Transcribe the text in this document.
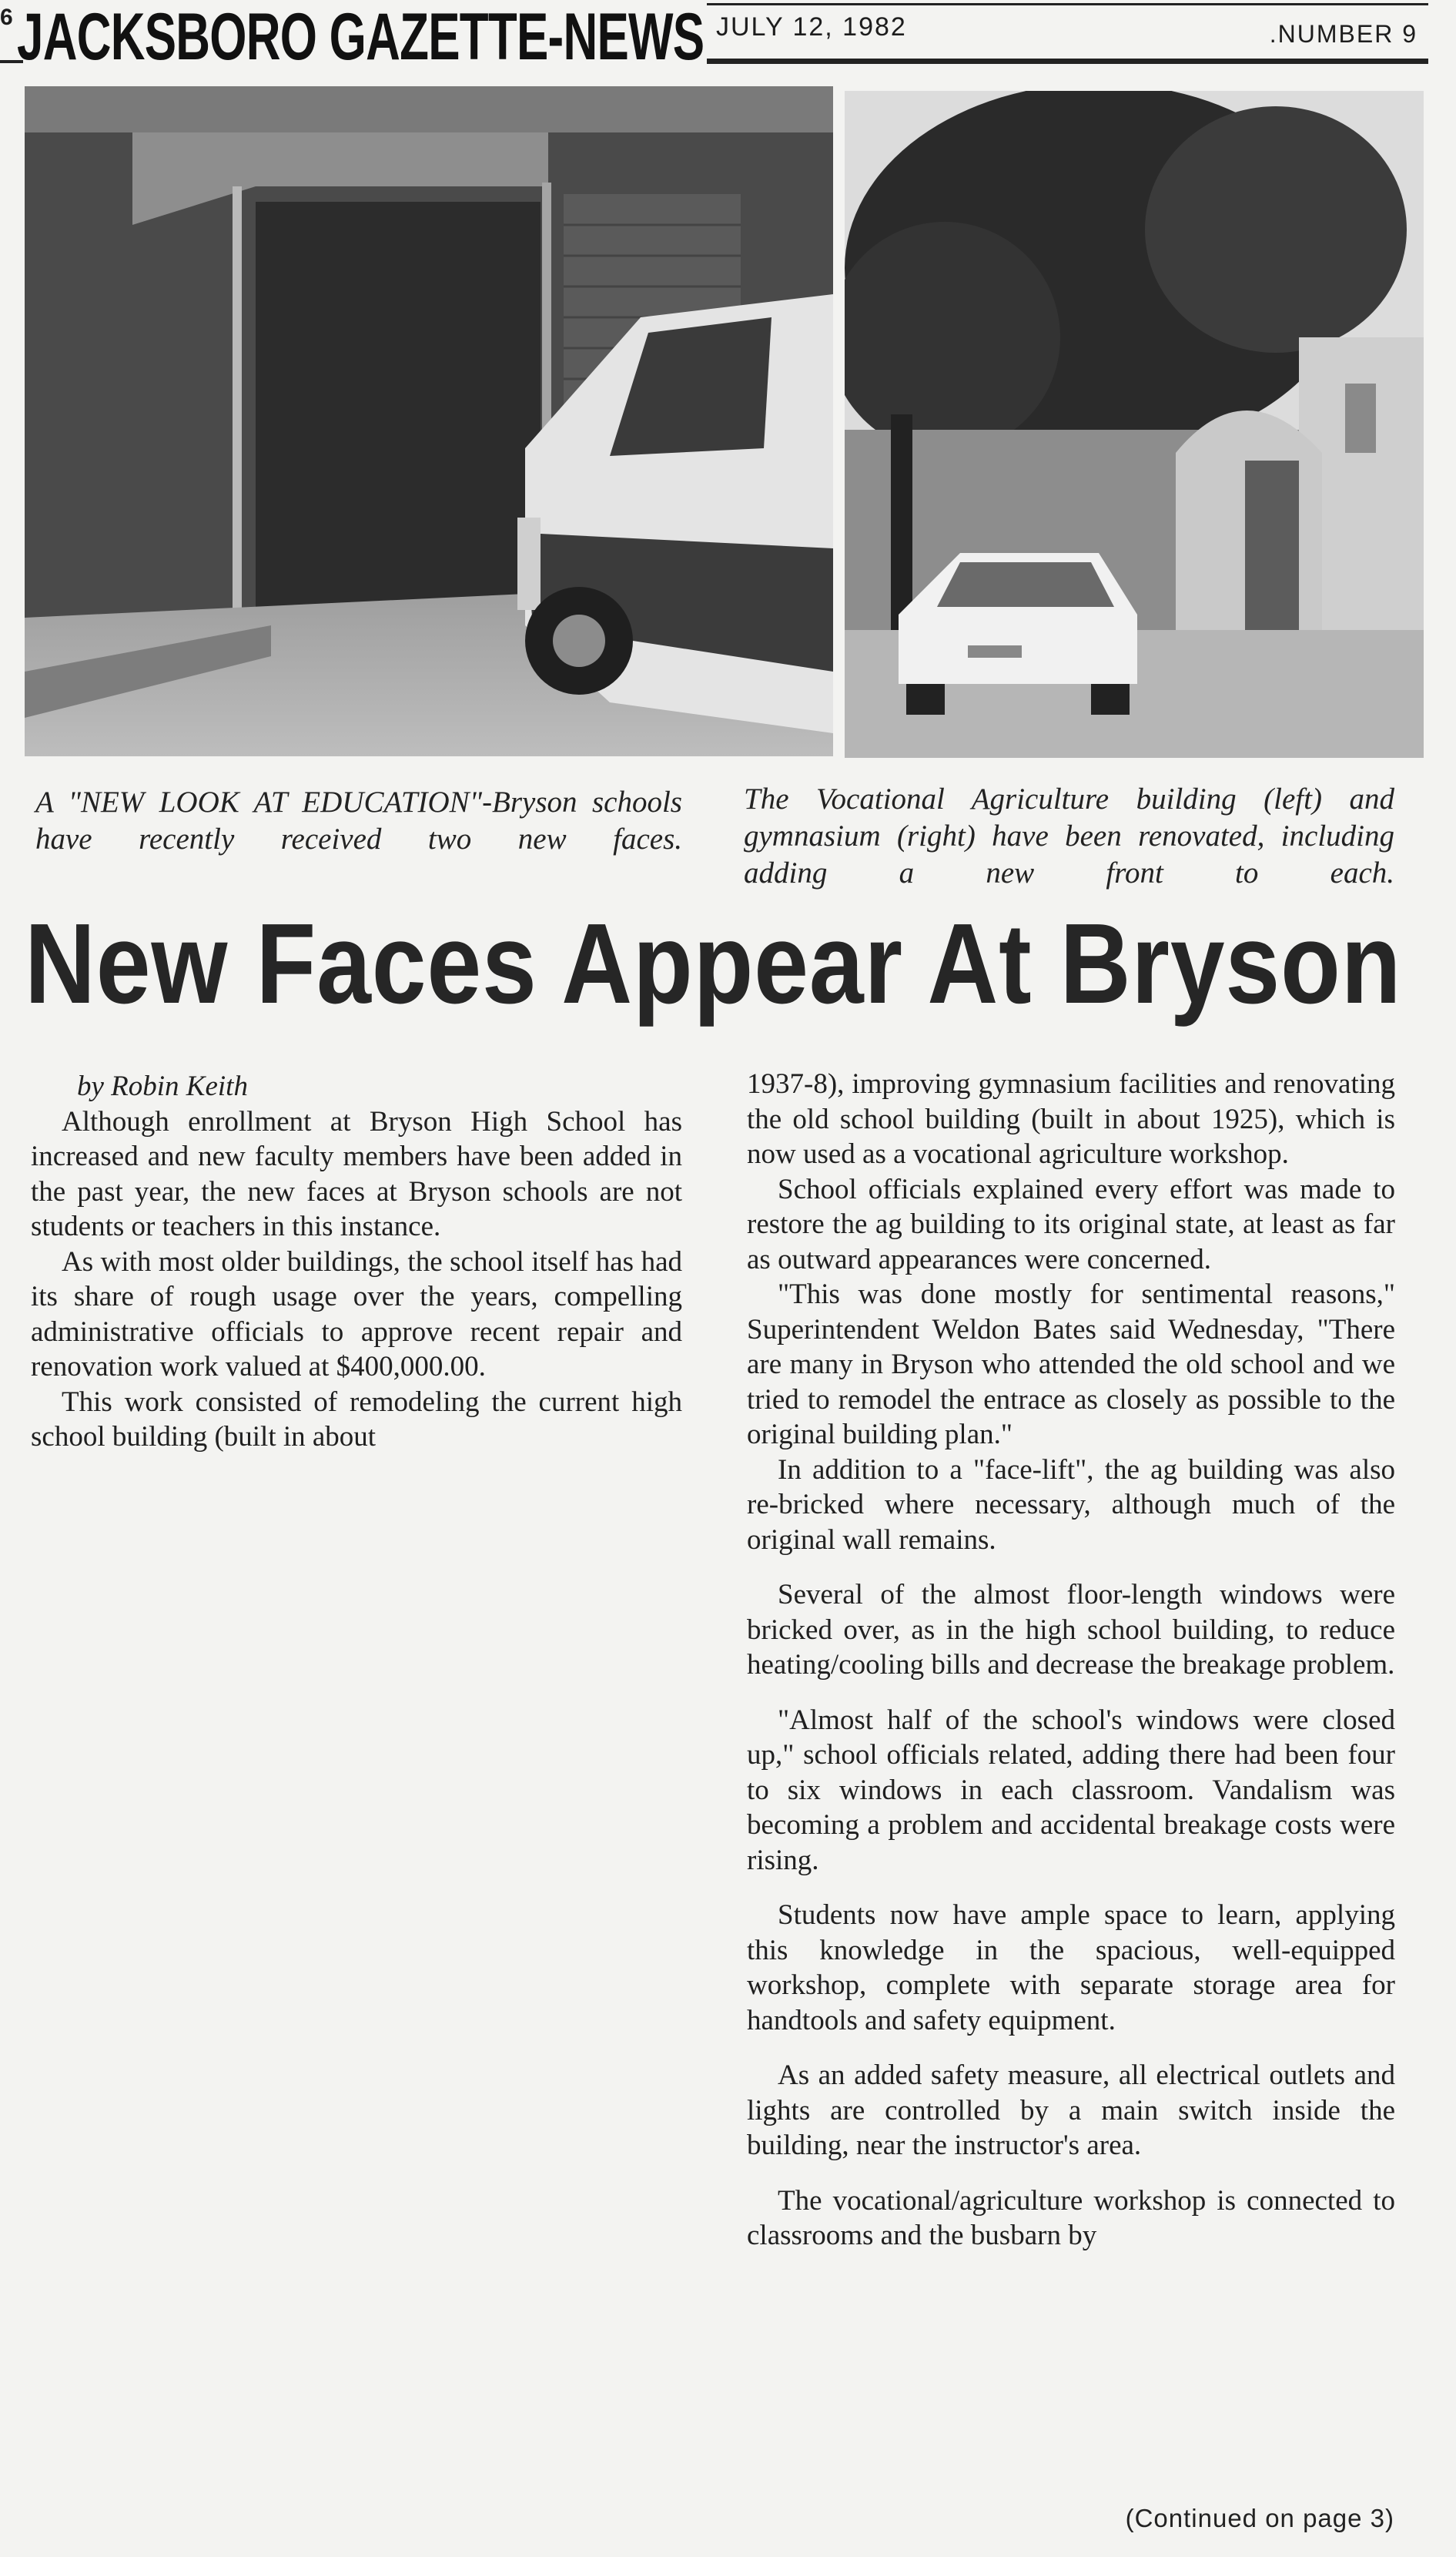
6 JACKSBORO GAZETTE-NEWS JULY 12, 1982	.NUMBER 9
A "NEW LOOK AT EDUCATION"-Bryson schools have recently received two new faces.
The Vocational Agriculture building (left) and gymnasium (right) have been renovated, including adding a new front to each.
New Faces Appear At Bryson

by Robin Keith

Although enrollment at Bryson High School has increased and new faculty members have been added in the past year, the new faces at Bryson schools are not students or teachers in this instance.

As with most older buildings, the school itself has had its share of rough usage over the years, compelling administrative officials to approve recent repair and renovation work valued at $400,000.00.

This work consisted of remodeling the current high school building (built in about

1937-8), improving gymnasium facilities and renovating the old school building (built in about 1925), which is now used as a vocational agriculture workshop.

School officials explained every effort was made to restore the ag building to its original state, at least as far as outward appearances were concerned.

"This was done mostly for sentimental reasons," Superintendent Weldon Bates said Wednesday, "There are many in Bryson who attended the old school and we tried to remodel the entrace as closely as possible to the original building plan."

In addition to a "face-lift", the ag building was also re-bricked where necessary, although much of the original wall remains.

Several of the almost floor-length windows were bricked over, as in the high school building, to reduce heating/cooling bills and decrease the breakage problem.

"Almost half of the school's windows were closed up," school officials related, adding there had been four to six windows in each classroom. Vandalism was becoming a problem and accidental breakage costs were rising.

Students now have ample space to learn, applying this knowledge in the spacious, well-equipped workshop, complete with separate storage area for handtools and safety equipment.

As an added safety measure, all electrical outlets and lights are controlled by a main switch inside the building, near the instructor's area.

The vocational/agriculture workshop is connected to classrooms and the busbarn by

(Continued on page 3)
